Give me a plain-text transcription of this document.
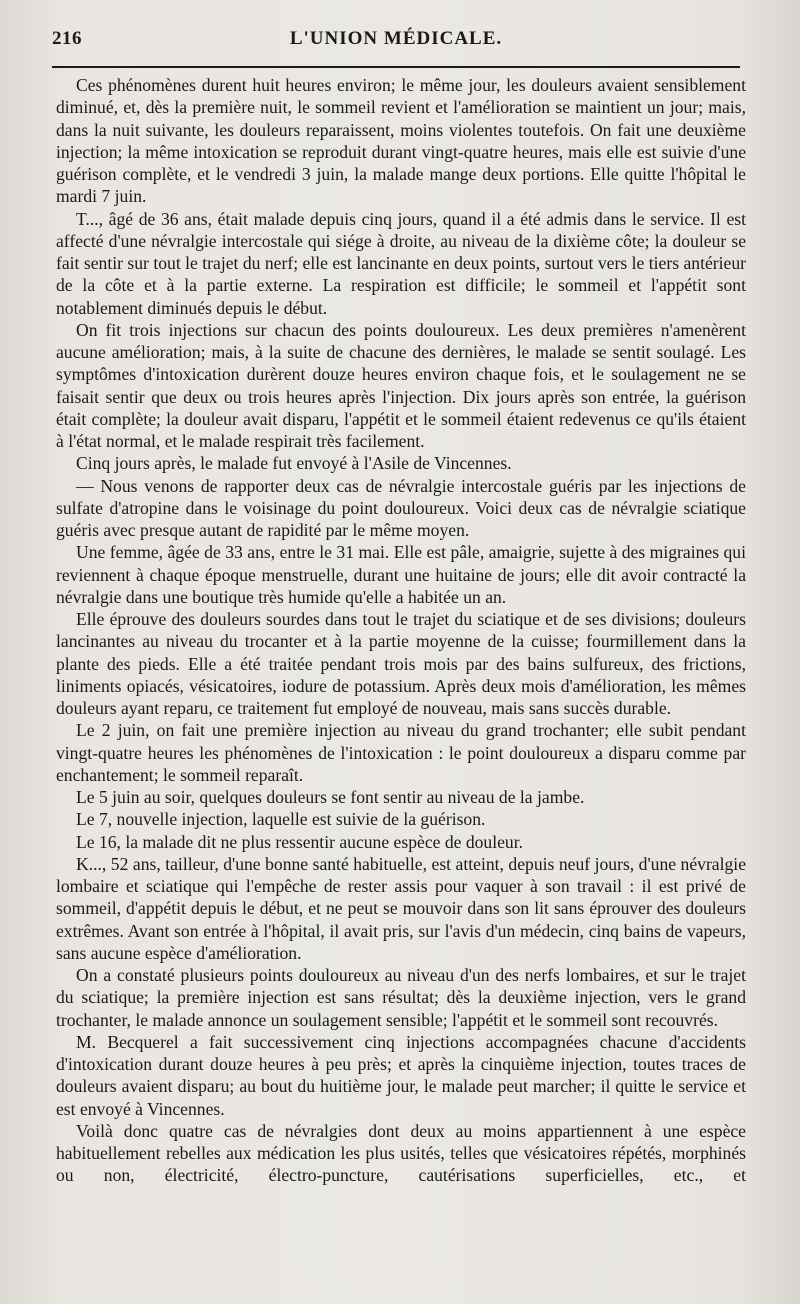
216	L'UNION MÉDICALE.

Ces phénomènes durent huit heures environ; le même jour, les douleurs avaient sensiblement diminué, et, dès la première nuit, le sommeil revient et l'amélioration se maintient un jour; mais, dans la nuit suivante, les douleurs reparaissent, moins violentes toutefois. On fait une deuxième injection; la même intoxication se reproduit durant vingt-quatre heures, mais elle est suivie d'une guérison complète, et le vendredi 3 juin, la malade mange deux portions. Elle quitte l'hôpital le mardi 7 juin.

T..., âgé de 36 ans, était malade depuis cinq jours, quand il a été admis dans le service. Il est affecté d'une névralgie intercostale qui siége à droite, au niveau de la dixième côte; la douleur se fait sentir sur tout le trajet du nerf; elle est lancinante en deux points, surtout vers le tiers antérieur de la côte et à la partie externe. La respiration est difficile; le sommeil et l'appétit sont notablement diminués depuis le début.

On fit trois injections sur chacun des points douloureux. Les deux premières n'amenèrent aucune amélioration; mais, à la suite de chacune des dernières, le malade se sentit soulagé. Les symptômes d'intoxication durèrent douze heures environ chaque fois, et le soulagement ne se faisait sentir que deux ou trois heures après l'injection. Dix jours après son entrée, la guérison était complète; la douleur avait disparu, l'appétit et le sommeil étaient redevenus ce qu'ils étaient à l'état normal, et le malade respirait très facilement.

Cinq jours après, le malade fut envoyé à l'Asile de Vincennes.

— Nous venons de rapporter deux cas de névralgie intercostale guéris par les injections de sulfate d'atropine dans le voisinage du point douloureux. Voici deux cas de névralgie sciatique guéris avec presque autant de rapidité par le même moyen.

Une femme, âgée de 33 ans, entre le 31 mai. Elle est pâle, amaigrie, sujette à des migraines qui reviennent à chaque époque menstruelle, durant une huitaine de jours; elle dit avoir contracté la névralgie dans une boutique très humide qu'elle a habitée un an.

Elle éprouve des douleurs sourdes dans tout le trajet du sciatique et de ses divisions; douleurs lancinantes au niveau du trocanter et à la partie moyenne de la cuisse; fourmillement dans la plante des pieds. Elle a été traitée pendant trois mois par des bains sulfureux, des frictions, liniments opiacés, vésicatoires, iodure de potassium. Après deux mois d'amélioration, les mêmes douleurs ayant reparu, ce traitement fut employé de nouveau, mais sans succès durable.

Le 2 juin, on fait une première injection au niveau du grand trochanter; elle subit pendant vingt-quatre heures les phénomènes de l'intoxication : le point douloureux a disparu comme par enchantement; le sommeil reparaît.

Le 5 juin au soir, quelques douleurs se font sentir au niveau de la jambe.

Le 7, nouvelle injection, laquelle est suivie de la guérison.

Le 16, la malade dit ne plus ressentir aucune espèce de douleur.

K..., 52 ans, tailleur, d'une bonne santé habituelle, est atteint, depuis neuf jours, d'une névralgie lombaire et sciatique qui l'empêche de rester assis pour vaquer à son travail : il est privé de sommeil, d'appétit depuis le début, et ne peut se mouvoir dans son lit sans éprouver des douleurs extrêmes. Avant son entrée à l'hôpital, il avait pris, sur l'avis d'un médecin, cinq bains de vapeurs, sans aucune espèce d'amélioration.

On a constaté plusieurs points douloureux au niveau d'un des nerfs lombaires, et sur le trajet du sciatique; la première injection est sans résultat; dès la deuxième injection, vers le grand trochanter, le malade annonce un soulagement sensible; l'appétit et le sommeil sont recouvrés.

M. Becquerel a fait successivement cinq injections accompagnées chacune d'accidents d'intoxication durant douze heures à peu près; et après la cinquième injection, toutes traces de douleurs avaient disparu; au bout du huitième jour, le malade peut marcher; il quitte le service et est envoyé à Vincennes.

Voilà donc quatre cas de névralgies dont deux au moins appartiennent à une espèce habituellement rebelles aux médication les plus usités, telles que vésicatoires répétés, morphinés ou non, électricité, électro-puncture, cautérisations superficielles, etc., et
